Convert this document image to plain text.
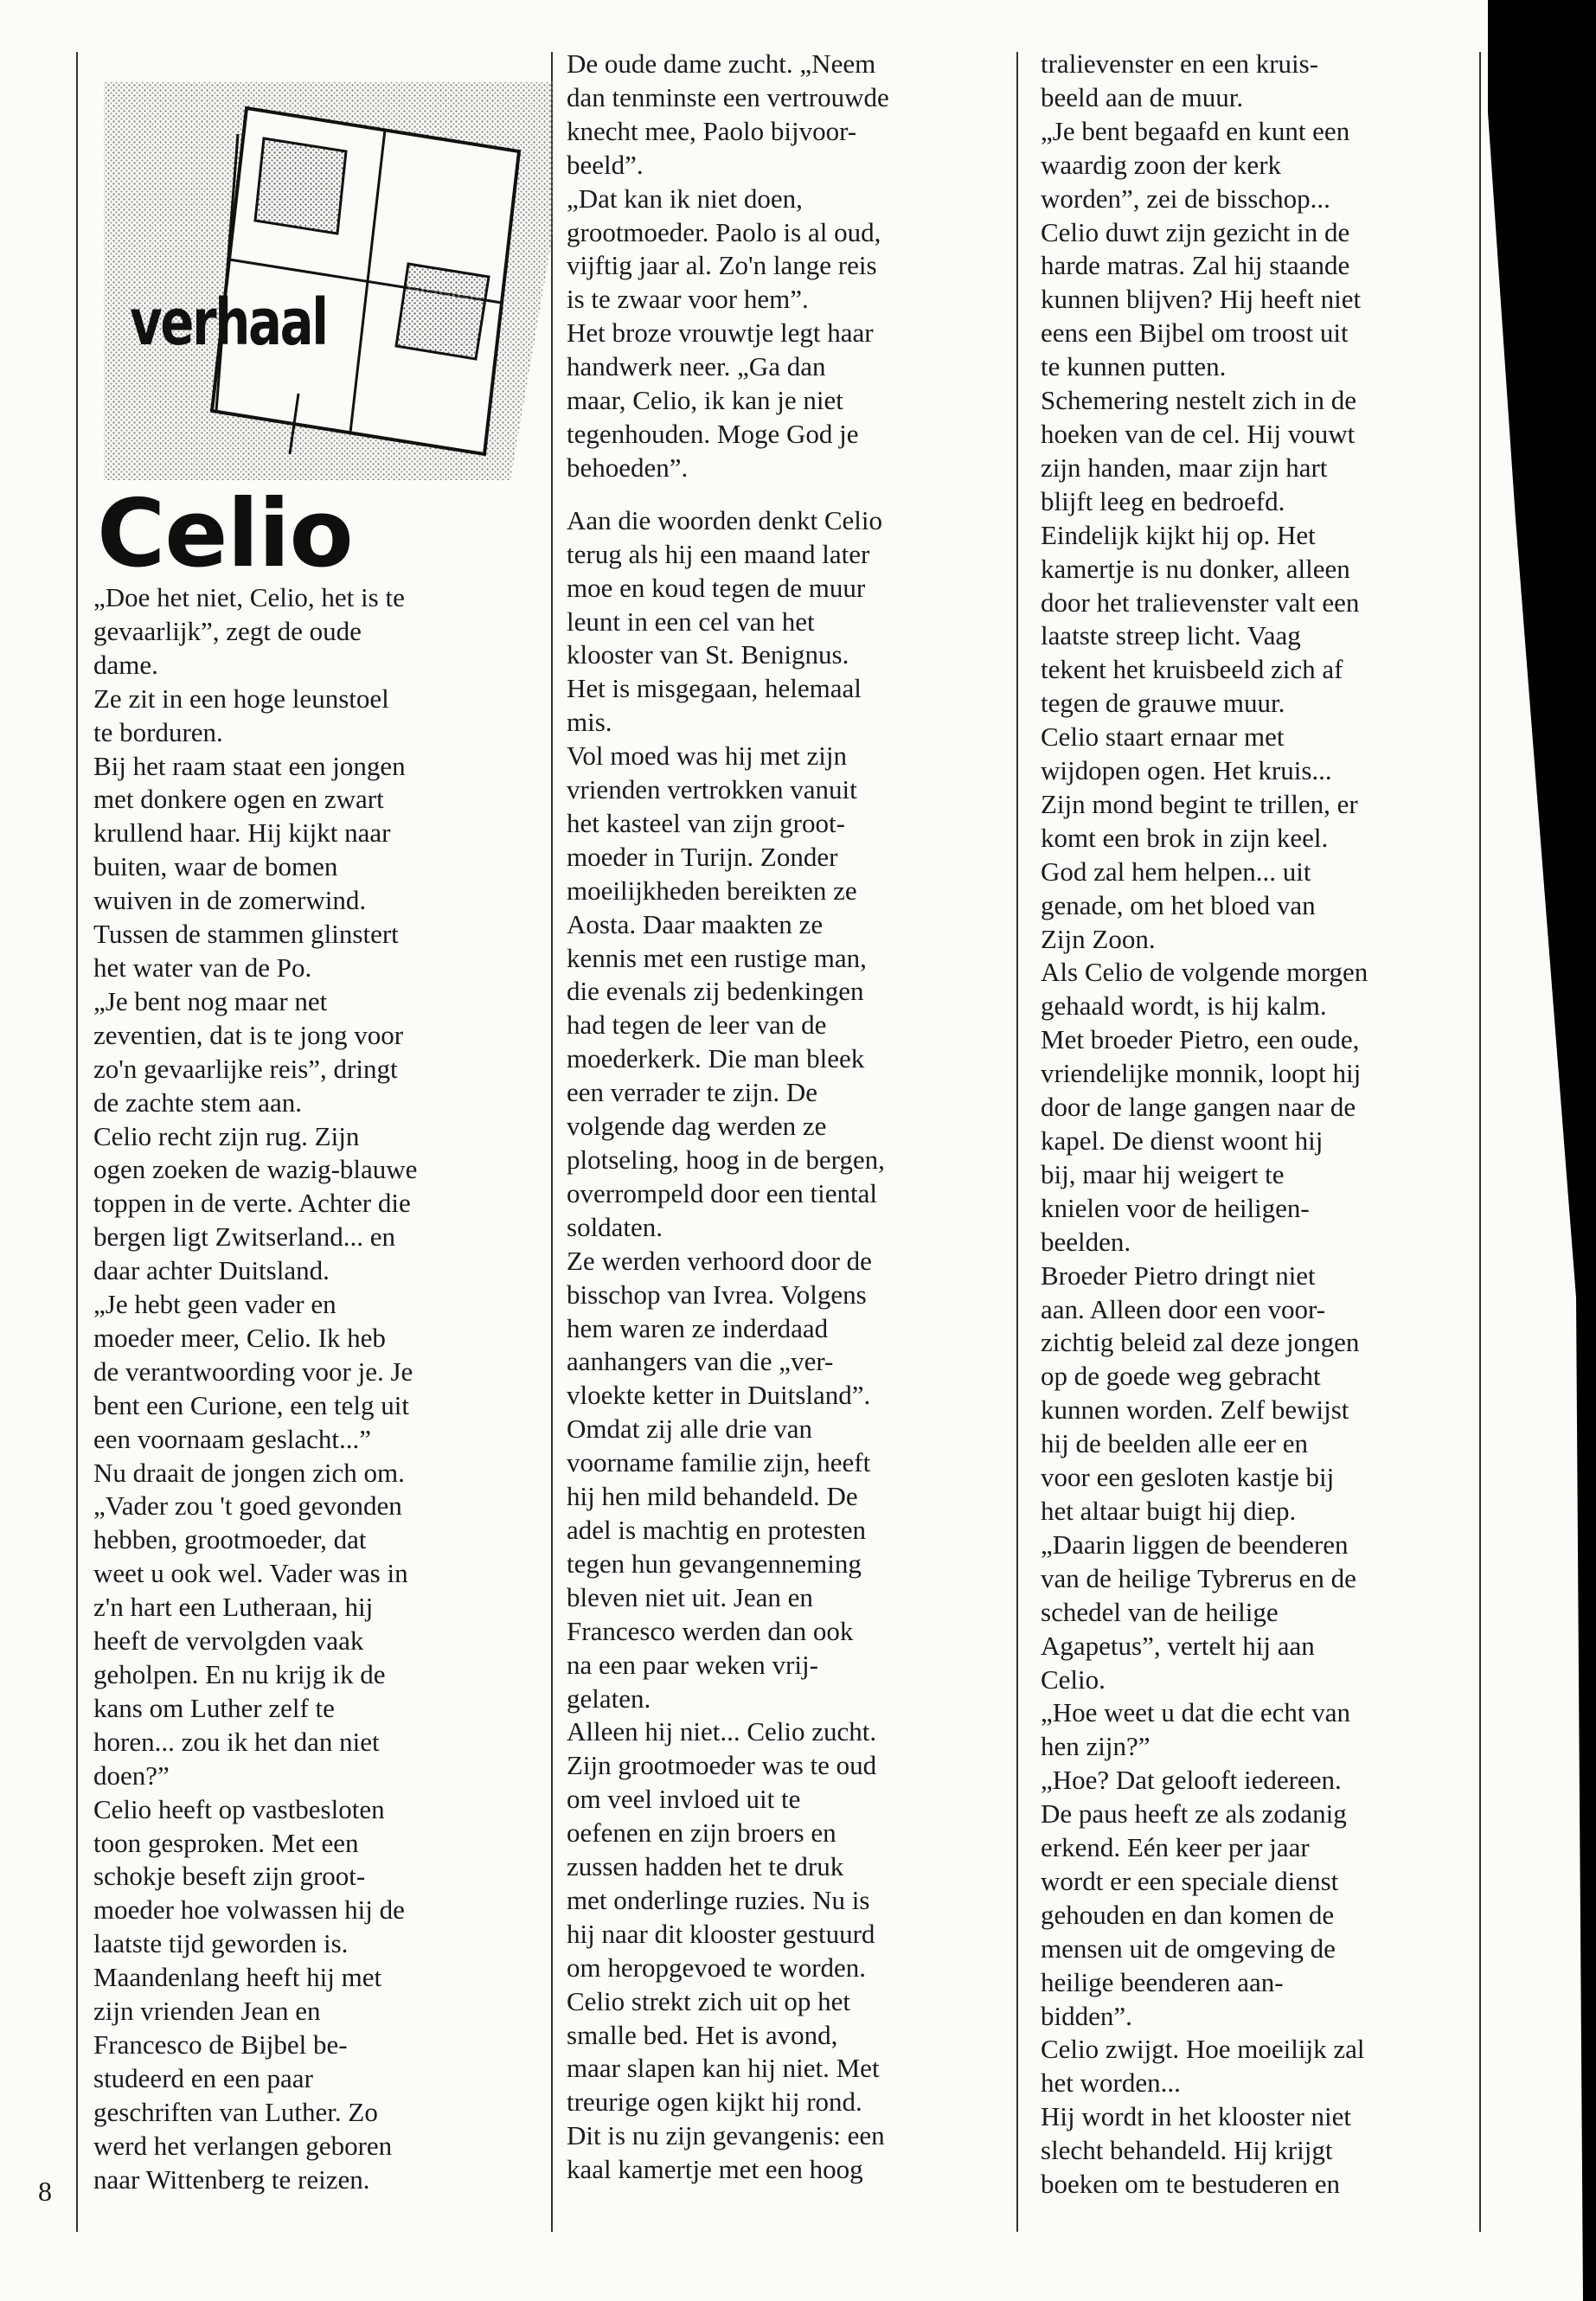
verhaal
Celio

„Doe het niet, Celio, het is te

gevaarlijk”, zegt de oude

dame.

Ze zit in een hoge leunstoel

te borduren.

Bij het raam staat een jongen

met donkere ogen en zwart

krullend haar. Hij kijkt naar

buiten, waar de bomen

wuiven in de zomerwind.

Tussen de stammen glinstert

het water van de Po.

„Je bent nog maar net

zeventien, dat is te jong voor

zo'n gevaarlijke reis”, dringt

de zachte stem aan.

Celio recht zijn rug. Zijn

ogen zoeken de wazig-blauwe

toppen in de verte. Achter die

bergen ligt Zwitserland... en

daar achter Duitsland.

„Je hebt geen vader en

moeder meer, Celio. Ik heb

de verantwoording voor je. Je

bent een Curione, een telg uit

een voornaam geslacht...”

Nu draait de jongen zich om.

„Vader zou 't goed gevonden

hebben, grootmoeder, dat

weet u ook wel. Vader was in

z'n hart een Lutheraan, hij

heeft de vervolgden vaak

geholpen. En nu krijg ik de

kans om Luther zelf te

horen... zou ik het dan niet

doen?”

Celio heeft op vastbesloten

toon gesproken. Met een

schokje beseft zijn groot-

moeder hoe volwassen hij de

laatste tijd geworden is.

Maandenlang heeft hij met

zijn vrienden Jean en

Francesco de Bijbel be-

studeerd en een paar

geschriften van Luther. Zo

werd het verlangen geboren

naar Wittenberg te reizen.

De oude dame zucht. „Neem

dan tenminste een vertrouwde

knecht mee, Paolo bijvoor-

beeld”.

„Dat kan ik niet doen,

grootmoeder. Paolo is al oud,

vijftig jaar al. Zo'n lange reis

is te zwaar voor hem”.

Het broze vrouwtje legt haar

handwerk neer. „Ga dan

maar, Celio, ik kan je niet

tegenhouden. Moge God je

behoeden”.

Aan die woorden denkt Celio

terug als hij een maand later

moe en koud tegen de muur

leunt in een cel van het

klooster van St. Benignus.

Het is misgegaan, helemaal

mis.

Vol moed was hij met zijn

vrienden vertrokken vanuit

het kasteel van zijn groot-

moeder in Turijn. Zonder

moeilijkheden bereikten ze

Aosta. Daar maakten ze

kennis met een rustige man,

die evenals zij bedenkingen

had tegen de leer van de

moederkerk. Die man bleek

een verrader te zijn. De

volgende dag werden ze

plotseling, hoog in de bergen,

overrompeld door een tiental

soldaten.

Ze werden verhoord door de

bisschop van Ivrea. Volgens

hem waren ze inderdaad

aanhangers van die „ver-

vloekte ketter in Duitsland”.

Omdat zij alle drie van

voorname familie zijn, heeft

hij hen mild behandeld. De

adel is machtig en protesten

tegen hun gevangenneming

bleven niet uit. Jean en

Francesco werden dan ook

na een paar weken vrij-

gelaten.

Alleen hij niet... Celio zucht.

Zijn grootmoeder was te oud

om veel invloed uit te

oefenen en zijn broers en

zussen hadden het te druk

met onderlinge ruzies. Nu is

hij naar dit klooster gestuurd

om heropgevoed te worden.

Celio strekt zich uit op het

smalle bed. Het is avond,

maar slapen kan hij niet. Met

treurige ogen kijkt hij rond.

Dit is nu zijn gevangenis: een

kaal kamertje met een hoog

tralievenster en een kruis-

beeld aan de muur.

„Je bent begaafd en kunt een

waardig zoon der kerk

worden”, zei de bisschop...

Celio duwt zijn gezicht in de

harde matras. Zal hij staande

kunnen blijven? Hij heeft niet

eens een Bijbel om troost uit

te kunnen putten.

Schemering nestelt zich in de

hoeken van de cel. Hij vouwt

zijn handen, maar zijn hart

blijft leeg en bedroefd.

Eindelijk kijkt hij op. Het

kamertje is nu donker, alleen

door het tralievenster valt een

laatste streep licht. Vaag

tekent het kruisbeeld zich af

tegen de grauwe muur.

Celio staart ernaar met

wijdopen ogen. Het kruis...

Zijn mond begint te trillen, er

komt een brok in zijn keel.

God zal hem helpen... uit

genade, om het bloed van

Zijn Zoon.

Als Celio de volgende morgen

gehaald wordt, is hij kalm.

Met broeder Pietro, een oude,

vriendelijke monnik, loopt hij

door de lange gangen naar de

kapel. De dienst woont hij

bij, maar hij weigert te

knielen voor de heiligen-

beelden.

Broeder Pietro dringt niet

aan. Alleen door een voor-

zichtig beleid zal deze jongen

op de goede weg gebracht

kunnen worden. Zelf bewijst

hij de beelden alle eer en

voor een gesloten kastje bij

het altaar buigt hij diep.

„Daarin liggen de beenderen

van de heilige Tybrerus en de

schedel van de heilige

Agapetus”, vertelt hij aan

Celio.

„Hoe weet u dat die echt van

hen zijn?”

„Hoe? Dat gelooft iedereen.

De paus heeft ze als zodanig

erkend. Eén keer per jaar

wordt er een speciale dienst

gehouden en dan komen de

mensen uit de omgeving de

heilige beenderen aan-

bidden”.

Celio zwijgt. Hoe moeilijk zal

het worden...

Hij wordt in het klooster niet

slecht behandeld. Hij krijgt

boeken om te bestuderen en

8
